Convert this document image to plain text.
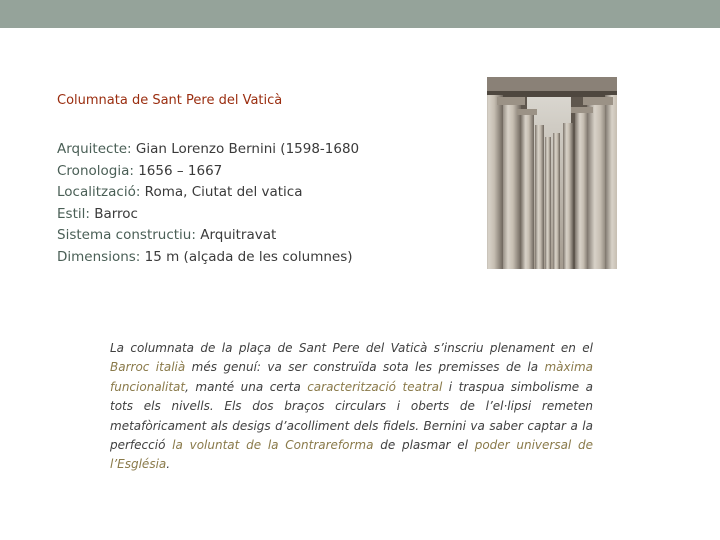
Columnata de Sant Pere del Vaticà
Arquitecte: Gian Lorenzo Bernini (1598-1680
Cronologia: 1656 – 1667
Localització: Roma, Ciutat del vatica
Estil: Barroc
Sistema constructiu: Arquitravat
Dimensions: 15 m (alçada de les columnes)

La columnata de la plaça de Sant Pere del Vaticà s’inscriu plenament en el Barroc italià més genuí: va ser construïda sota les premisses de la màxima funcionalitat, manté una certa caracterització teatral i traspua simbolisme a tots els nivells. Els dos braços circulars i oberts de l’el·lipsi remeten metafòricament als desigs d’acolliment dels fidels. Bernini va saber captar a la perfecció la voluntat de la Contrareforma de plasmar el poder universal de l’Església.
